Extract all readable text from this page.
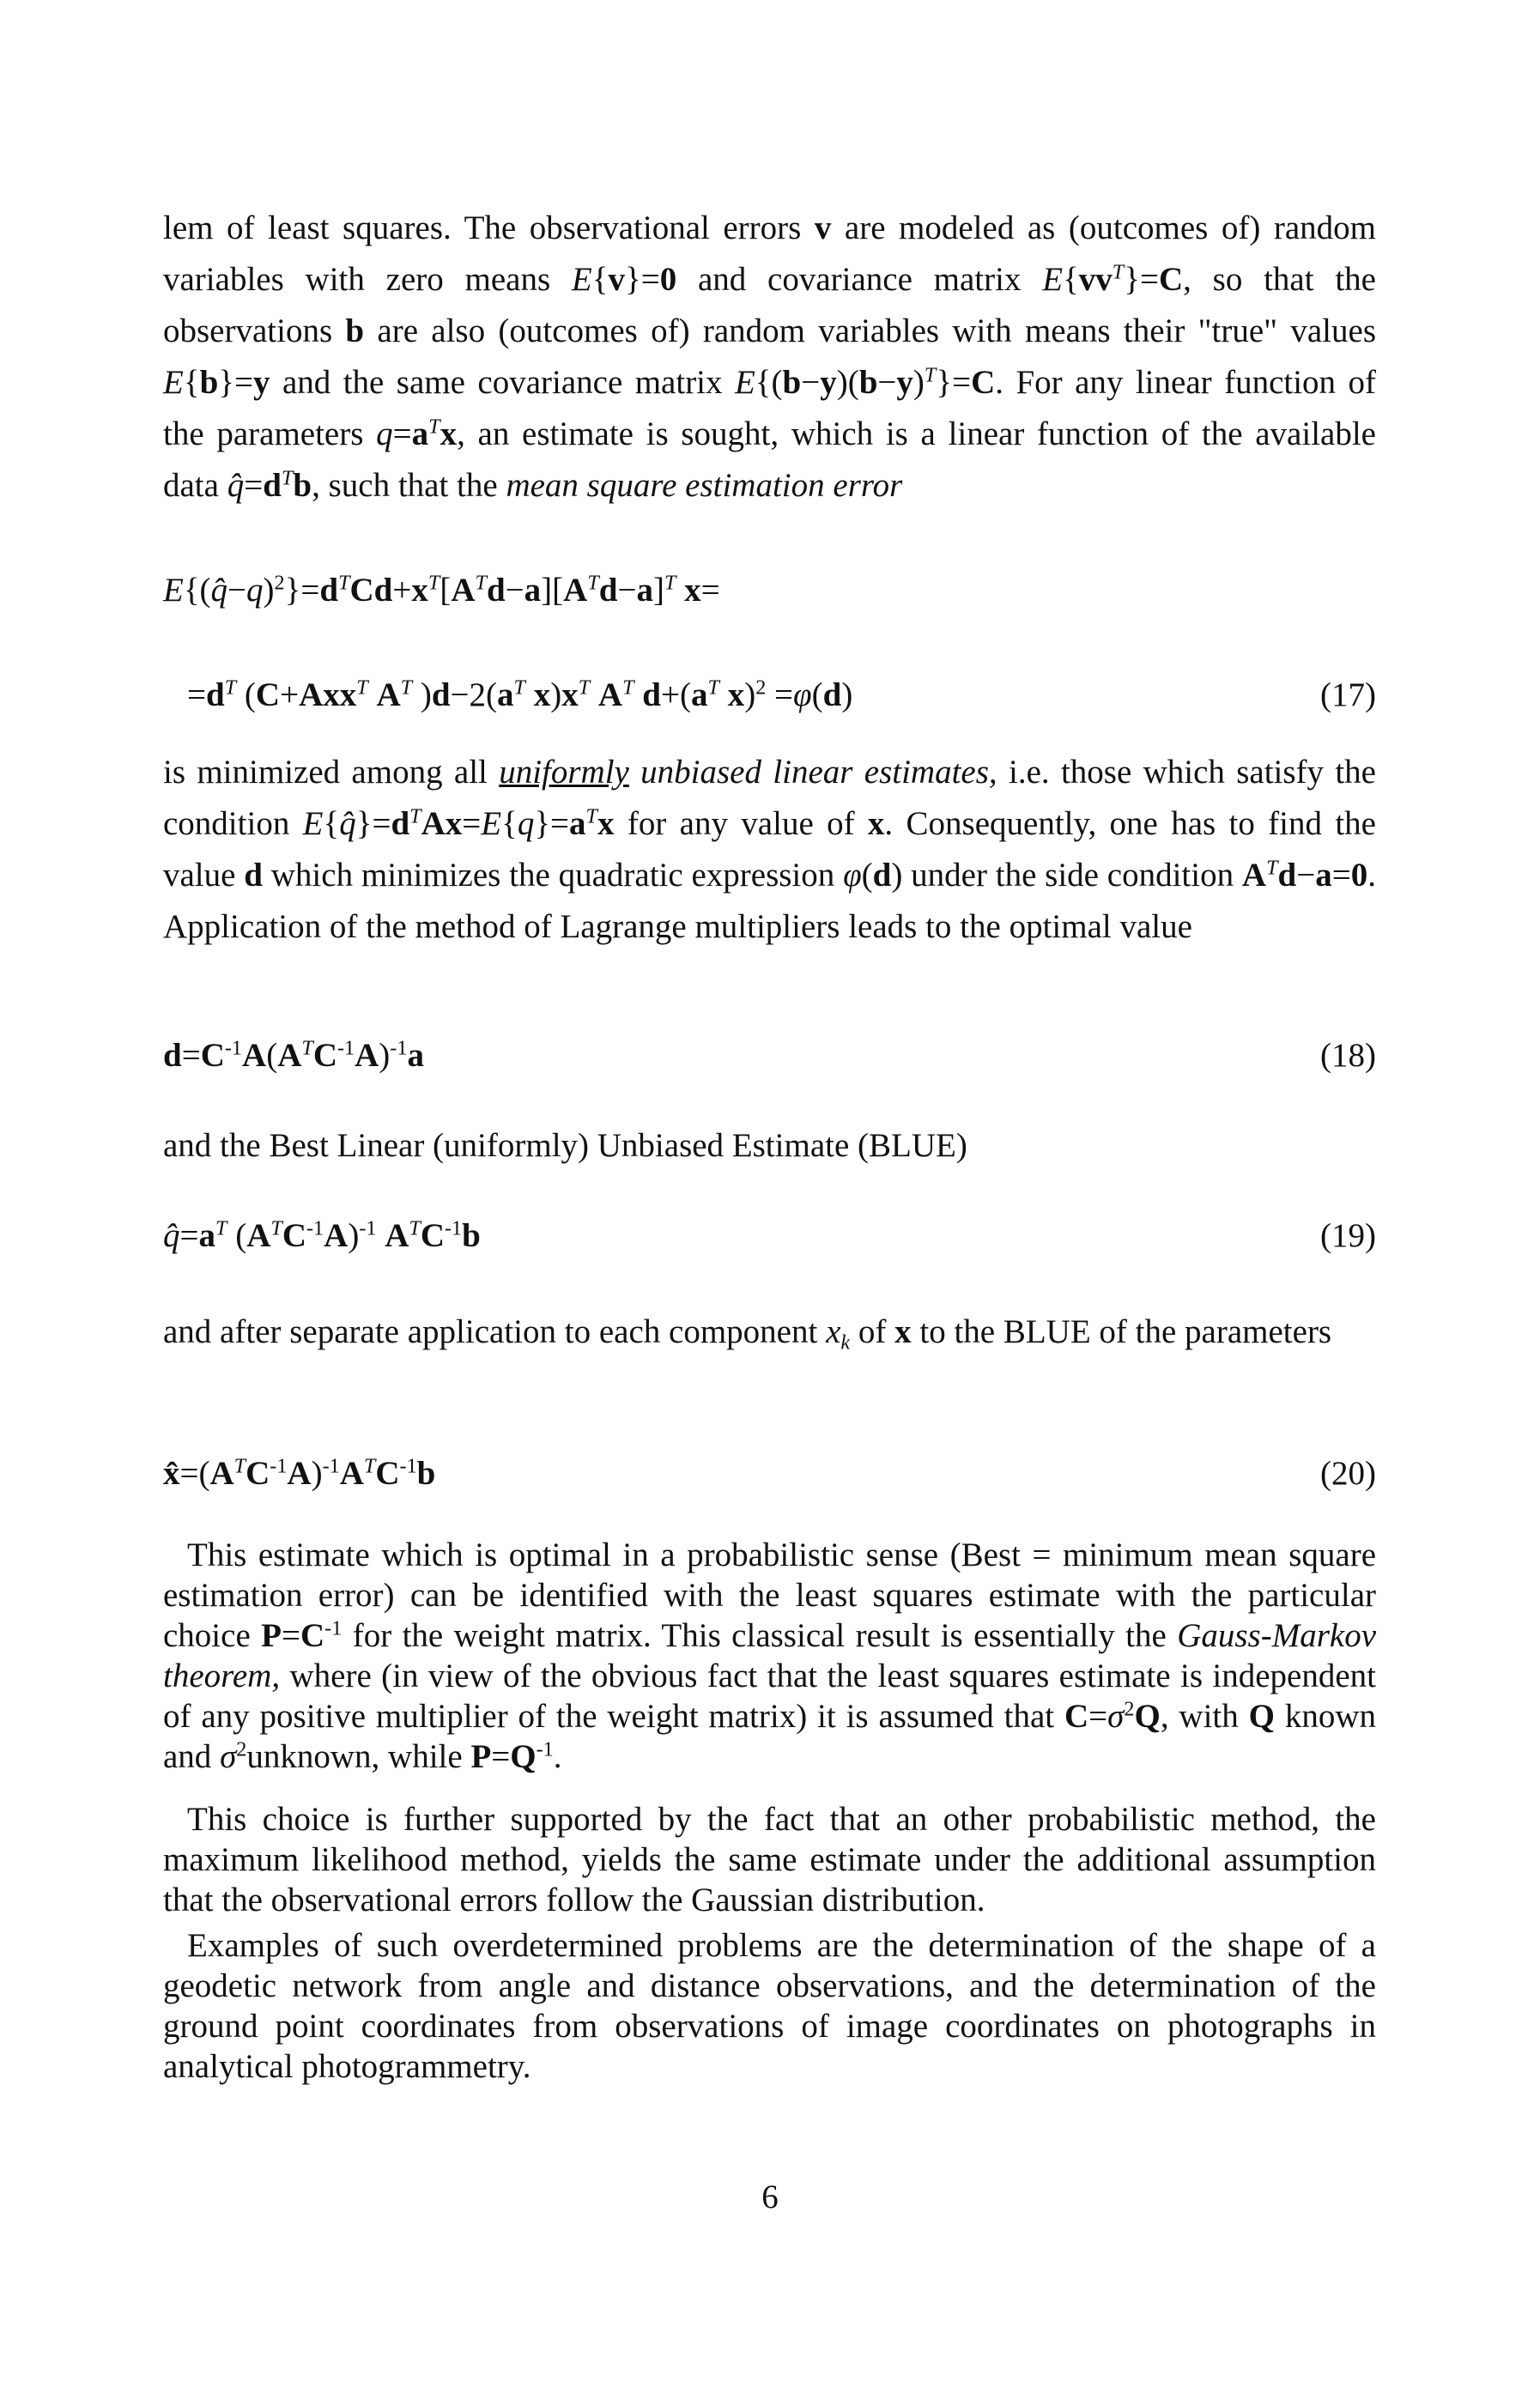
lem of least squares. The observational errors v are modeled as (outcomes of) random variables with zero means E{v}=0 and covariance matrix $E\{vv^T\}=C$, so that the observations b are also (outcomes of) random variables with means their "true" values E{b}=y and the same covariance matrix $E\{(b-y)(b-y)^T\}=C$. For any linear function of the parameters $q=a^Tx$, an estimate is sought, which is a linear function of the available data $q̂=d^Tb$, such that the mean square estimation error

$E\{(q̂-q)^2\}=d^TCd+x^T[A^Td-a][A^Td-a]^T$ x=
$=d^T$ (C+Axx$^T$ $A^T$ )$d-2(a^T$ $x)x^T$ $A^T$ $d+(a^T$ x)$^2$ =φ(d)	(17)

is minimized among all uniformly unbiased linear estimates, i.e. those which satisfy the condition $E\{q̂\}=d^TAx=E\{q\}=a^Tx$ for any value of x. Consequently, one has to find the value d which minimizes the quadratic expression φ(d) under the side condition $A^Td-a=0$. Application of the method of Lagrange multipliers leads to the optimal value

$d=C^{-1}A(A^TC^{-1}A)^{-1}a$	(18)

and the Best Linear (uniformly) Unbiased Estimate (BLUE)

$q̂=a^T$ $(A^TC^{-1}A)^{-1}$ $A^TC^{-1}b$	(19)

and after separate application to each component $x_k$ of x to the BLUE of the parameters

$x̂=(A^TC^{-1}A)^{-1}A^TC^{-1}b$	(20)

This estimate which is optimal in a probabilistic sense (Best = minimum mean square estimation error) can be identified with the least squares estimate with the particular choice $P=C^{-1}$ for the weight matrix. This classical result is essentially the Gauss-Markov theorem, where (in view of the obvious fact that the least squares estimate is independent of any positive multiplier of the weight matrix) it is assumed that $C=\sigma^2Q$, with Q known and $\sigma^2unknown$, while $P=Q^{-1}$.

This choice is further supported by the fact that an other probabilistic method, the maximum likelihood method, yields the same estimate under the additional assumption that the observational errors follow the Gaussian distribution.

Examples of such overdetermined problems are the determination of the shape of a geodetic network from angle and distance observations, and the determination of the ground point coordinates from observations of image coordinates on photographs in analytical photogrammetry.

6
